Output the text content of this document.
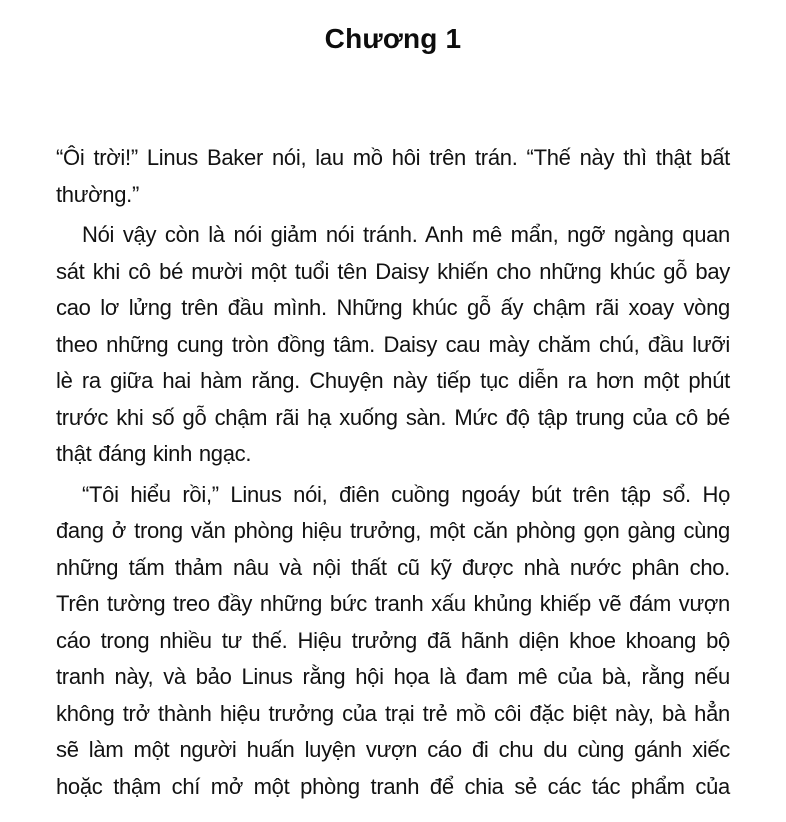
Chương 1
“Ôi trời!” Linus Baker nói, lau mồ hôi trên trán. “Thế này thì thật bất
thường.”
Nói vậy còn là nói giảm nói tránh. Anh mê mẩn, ngỡ ngàng quan
sát khi cô bé mười một tuổi tên Daisy khiến cho những khúc gỗ bay
cao lơ lửng trên đầu mình. Những khúc gỗ ấy chậm rãi xoay vòng
theo những cung tròn đồng tâm. Daisy cau mày chăm chú, đầu lưỡi
lè ra giữa hai hàm răng. Chuyện này tiếp tục diễn ra hơn một phút
trước khi số gỗ chậm rãi hạ xuống sàn. Mức độ tập trung của cô bé
thật đáng kinh ngạc.
“Tôi hiểu rồi,” Linus nói, điên cuồng ngoáy bút trên tập sổ. Họ
đang ở trong văn phòng hiệu trưởng, một căn phòng gọn gàng cùng
những tấm thảm nâu và nội thất cũ kỹ được nhà nước phân cho.
Trên tường treo đầy những bức tranh xấu khủng khiếp vẽ đám vượn
cáo trong nhiều tư thế. Hiệu trưởng đã hãnh diện khoe khoang bộ
tranh này, và bảo Linus rằng hội họa là đam mê của bà, rằng nếu
không trở thành hiệu trưởng của trại trẻ mồ côi đặc biệt này, bà hẳn
sẽ làm một người huấn luyện vượn cáo đi chu du cùng gánh xiếc
hoặc thậm chí mở một phòng tranh để chia sẻ các tác phẩm của
